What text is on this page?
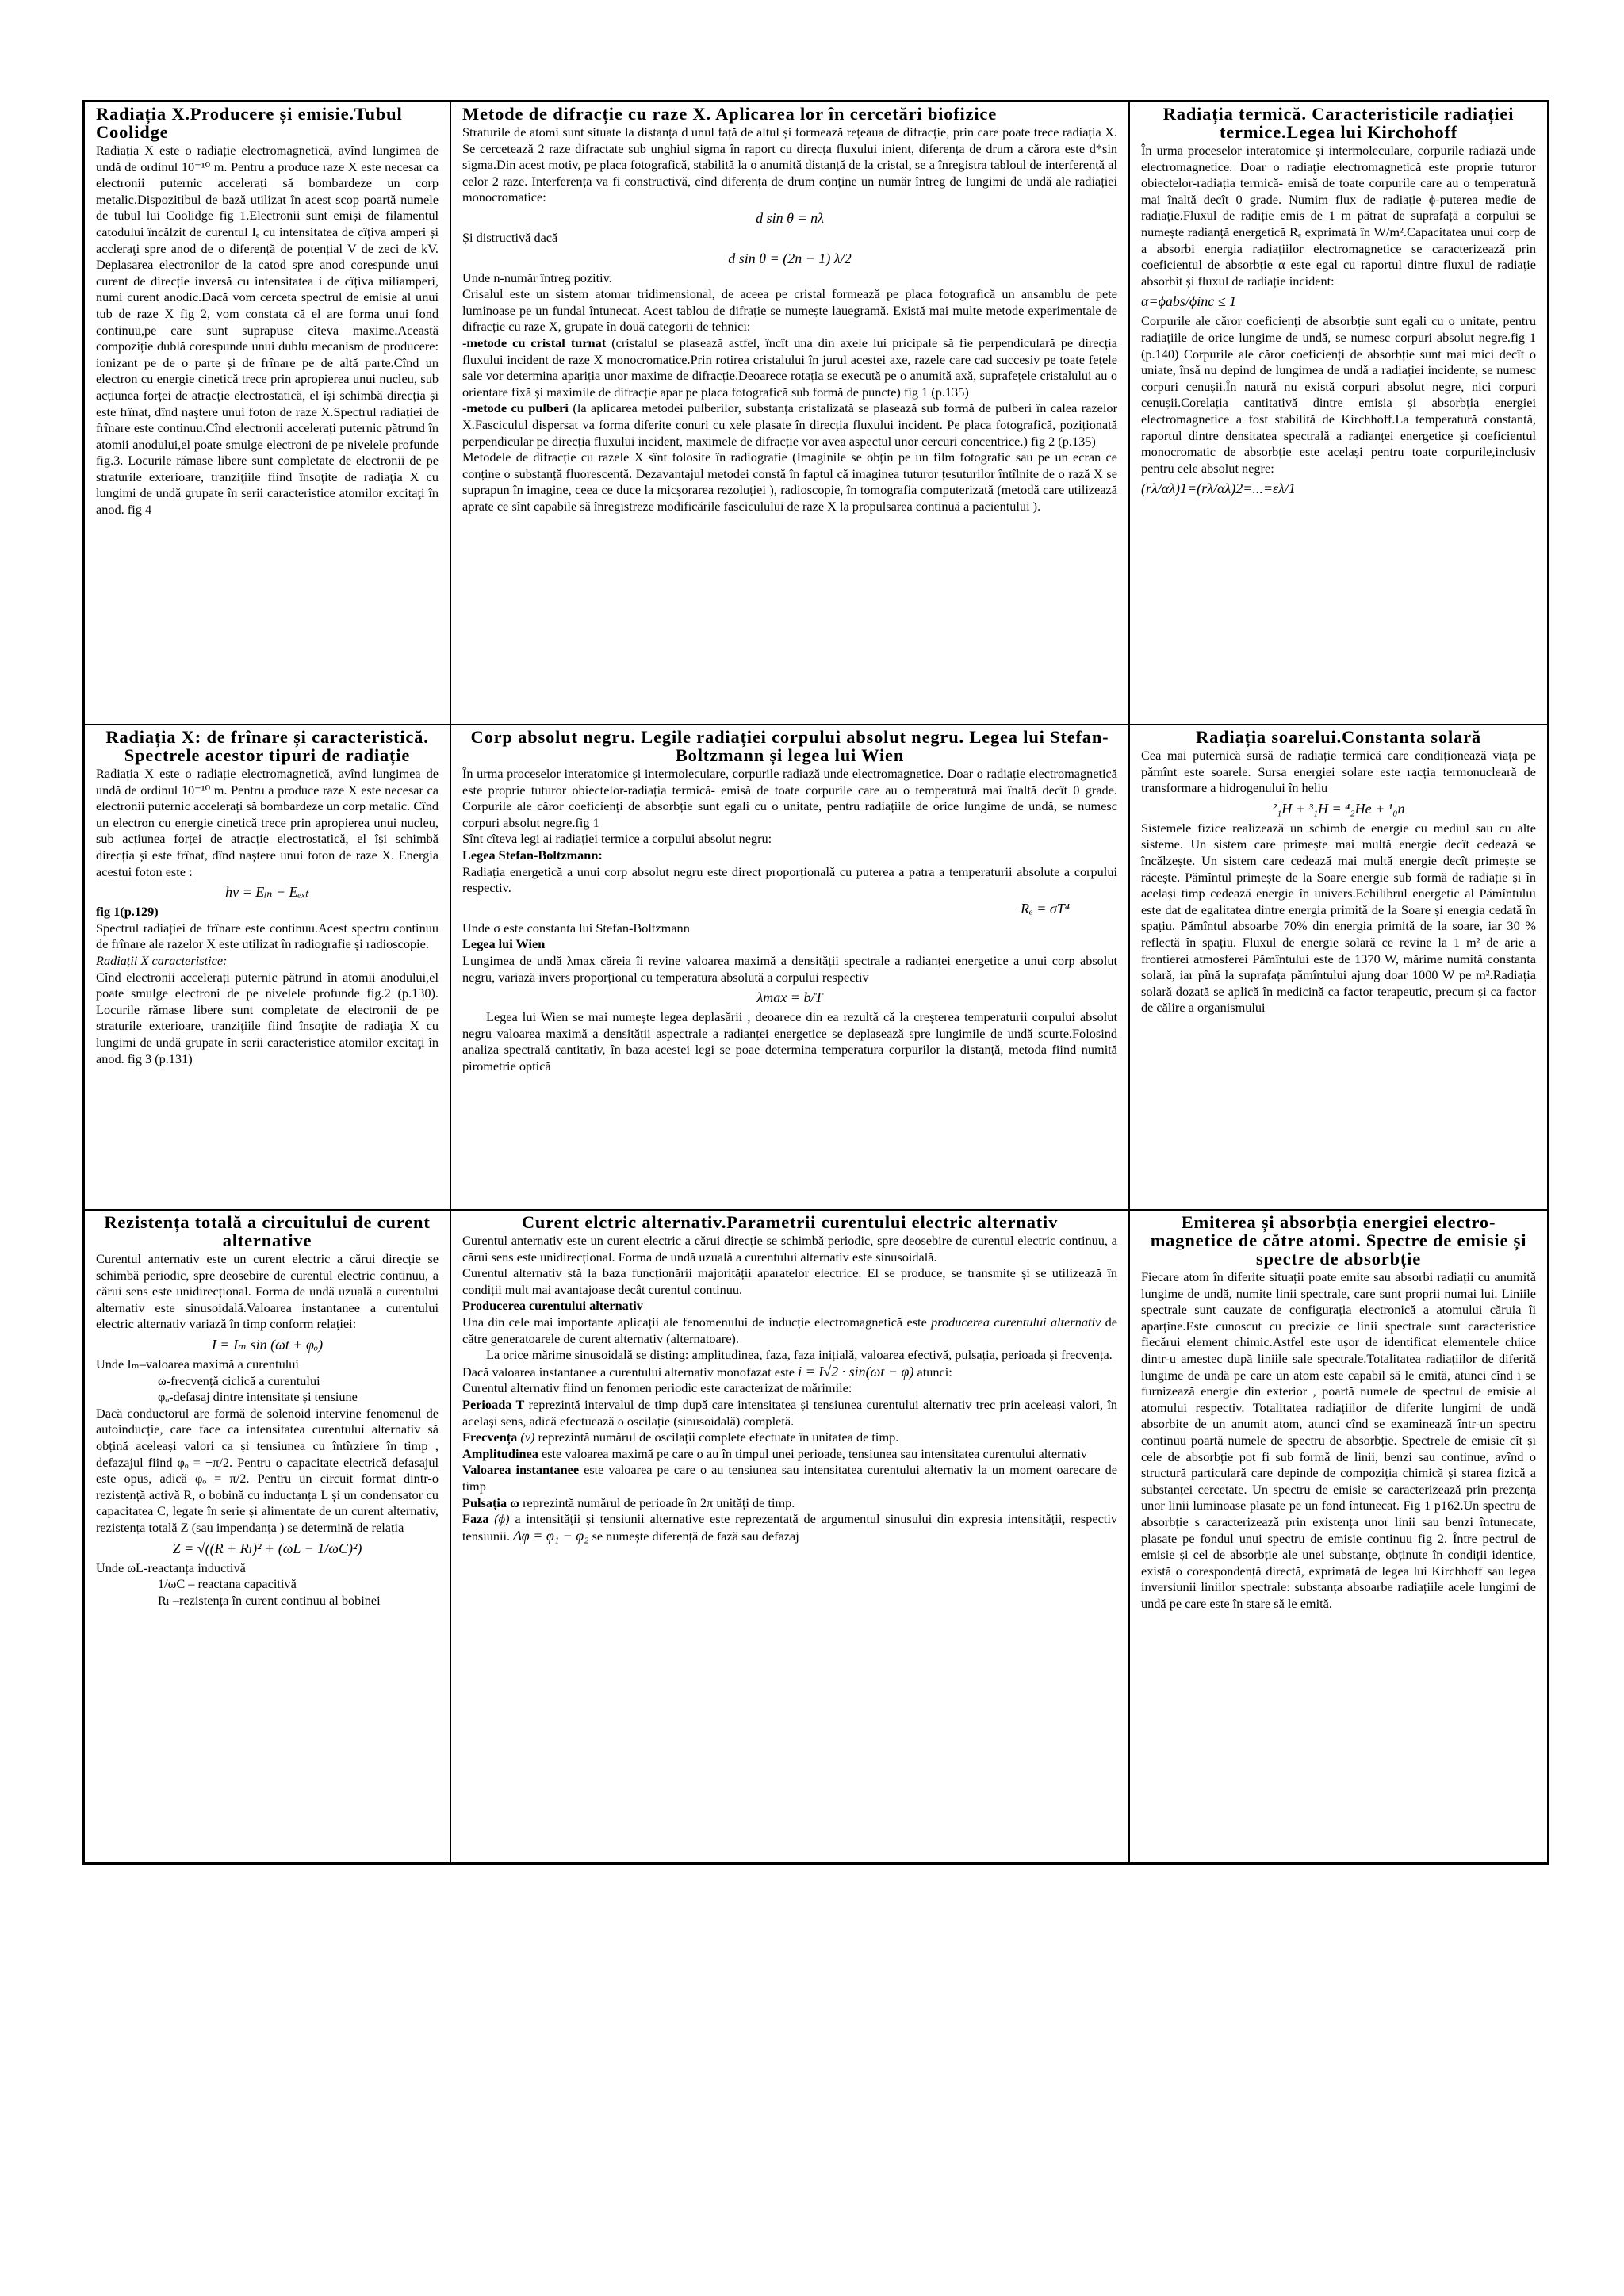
Radiația X.Producere și emisie.Tubul Coolidge

Radiația X este o radiație electromagnetică, avînd lungimea de undă de ordinul 10⁻¹⁰ m. Pentru a produce raze X este necesar ca electronii puternic accelerați să bombardeze un corp metalic.Dispozitibul de bază utilizat în acest scop poartă numele de tubul lui Coolidge fig 1.Electronii sunt emiși de filamentul catodului încălzit de curentul Iₑ cu intensitatea de cîțiva amperi și accleraţi spre anod de o diferență de potențial V de zeci de kV. Deplasarea electronilor de la catod spre anod corespunde unui curent de direcție inversă cu intensitatea i de cîțiva miliamperi, numi curent anodic.Dacă vom cerceta spectrul de emisie al unui tub de raze X fig 2, vom constata că el are forma unui fond continuu,pe care sunt suprapuse cîteva maxime.Această compoziție dublă corespunde unui dublu mecanism de producere: ionizant pe de o parte și de frînare pe de altă parte.Cînd un electron cu energie cinetică trece prin apropierea unui nucleu, sub acțiunea forței de atracție electrostatică, el își schimbă direcția și este frînat, dînd naștere unui foton de raze X.Spectrul radiației de frînare este continuu.Cînd electronii accelerați puternic pătrund în atomii anodului,el poate smulge electroni de pe nivelele profunde fig.3. Locurile rămase libere sunt completate de electronii de pe straturile exterioare, tranziţiile fiind însoţite de radiaţia X cu lungimi de undă grupate în serii caracteristice atomilor excitaţi în anod. fig 4

Metode de difracție cu raze X. Aplicarea lor în cercetări biofizice

Straturile de atomi sunt situate la distanța d unul față de altul și formează rețeaua de difracție, prin care poate trece radiația X. Se cercetează 2 raze difractate sub unghiul sigma în raport cu direcța fluxului inient, diferența de drum a cărora este d*sin sigma.Din acest motiv, pe placa fotografică, stabilită la o anumită distanță de la cristal, se a înregistra tabloul de interferență al celor 2 raze. Interferența va fi constructivă, cînd diferența de drum conține un număr întreg de lungimi de undă ale radiației monocromatice:

d sin θ = nλ

Și distructivă dacă

d sin θ = (2n − 1) λ/2

Unde n-număr întreg pozitiv.

Crisalul este un sistem atomar tridimensional, de aceea pe cristal formează pe placa fotografică un ansamblu de pete luminoase pe un fundal întunecat. Acest tablou de difrație se numește lauegramă. Există mai multe metode experimentale de difracție cu raze X, grupate în două categorii de tehnici:

-metode cu cristal turnat (cristalul se plasează astfel, încît una din axele lui pricipale să fie perpendiculară pe direcția fluxului incident de raze X monocromatice.Prin rotirea cristalului în jurul acestei axe, razele care cad succesiv pe toate fețele sale vor determina apariția unor maxime de difracție.Deoarece rotația se execută pe o anumită axă, suprafețele cristalului au o orientare fixă și maximile de difracție apar pe placa fotografică sub formă de puncte) fig 1 (p.135)

-metode cu pulberi (la aplicarea metodei pulberilor, substanța cristalizată se plasează sub formă de pulberi în calea razelor X.Fasciculul dispersat va forma diferite conuri cu xele plasate în direcția fluxului incident. Pe placa fotografică, poziționată perpendicular pe direcția fluxului incident, maximele de difracție vor avea aspectul unor cercuri concentrice.) fig 2 (p.135)

Metodele de difracție cu razele X sînt folosite în radiografie (Imaginile se obțin pe un film fotografic sau pe un ecran ce conține o substanță fluorescentă. Dezavantajul metodei constă în faptul că imaginea tuturor țesuturilor întîlnite de o rază X se suprapun în imagine, ceea ce duce la micșorarea rezoluției ), radioscopie, în tomografia computerizată (metodă care utilizează aprate ce sînt capabile să înregistreze modificările fasciculului de raze X la propulsarea continuă a pacientului ).

Radiația termică. Caracteristicile radiației termice.Legea lui Kirchohoff

În urma proceselor interatomice și intermoleculare, corpurile radiază unde electromagnetice. Doar o radiație electromagnetică este proprie tuturor obiectelor-radiația termică- emisă de toate corpurile care au o temperatură mai înaltă decît 0 grade. Numim flux de radiație ϕ-puterea medie de radiație.Fluxul de radiție emis de 1 m pătrat de suprafață a corpului se numește radianță energetică Rₑ exprimată în W/m².Capacitatea unui corp de a absorbi energia radiațiilor electromagnetice se caracterizează prin coeficientul de absorbție α este egal cu raportul dintre fluxul de radiație absorbit și fluxul de radiație incident:

α=ϕabs/ϕinc ≤ 1

Corpurile ale căror coeficienți de absorbție sunt egali cu o unitate, pentru radiațiile de orice lungime de undă, se numesc corpuri absolut negre.fig 1 (p.140) Corpurile ale căror coeficienți de absorbție sunt mai mici decît o uniate, însă nu depind de lungimea de undă a radiației incidente, se numesc corpuri cenușii.În natură nu există corpuri absolut negre, nici corpuri cenușii.Corelația cantitativă dintre emisia și absorbția energiei electromagnetice a fost stabilită de Kirchhoff.La temperatură constantă, raportul dintre densitatea spectrală a radianței energetice și coeficientul monocromatic de absorbție este același pentru toate corpurile,inclusiv pentru cele absolut negre:

(rλ/αλ)1=(rλ/αλ)2=...=ελ/1
Radiația X: de frînare și caracteristică. Spectrele acestor tipuri de radiație

Radiația X este o radiație electromagnetică, avînd lungimea de undă de ordinul 10⁻¹⁰ m. Pentru a produce raze X este necesar ca electronii puternic accelerați să bombardeze un corp metalic. Cînd un electron cu energie cinetică trece prin apropierea unui nucleu, sub acțiunea forței de atracție electrostatică, el își schimbă direcția și este frînat, dînd naștere unui foton de raze X. Energia acestui foton este :

hν = Eᵢₙ − Eₑₓₜ

fig 1(p.129)

Spectrul radiației de frînare este continuu.Acest spectru continuu de frînare ale razelor X este utilizat în radiografie și radioscopie.

Radiații X caracteristice:

Cînd electronii accelerați puternic pătrund în atomii anodului,el poate smulge electroni de pe nivelele profunde fig.2 (p.130). Locurile rămase libere sunt completate de electronii de pe straturile exterioare, tranziţiile fiind însoţite de radiaţia X cu lungimi de undă grupate în serii caracteristice atomilor excitaţi în anod. fig 3 (p.131)

Corp absolut negru. Legile radiației corpului absolut negru. Legea lui Stefan- Boltzmann și legea lui Wien

În urma proceselor interatomice și intermoleculare, corpurile radiază unde electromagnetice. Doar o radiație electromagnetică este proprie tuturor obiectelor-radiația termică- emisă de toate corpurile care au o temperatură mai înaltă decît 0 grade. Corpurile ale căror coeficienți de absorbție sunt egali cu o unitate, pentru radiațiile de orice lungime de undă, se numesc corpuri absolut negre.fig 1

Sînt cîteva legi ai radiației termice a corpului absolut negru:

Legea Stefan-Boltzmann:

Radiația energetică a unui corp absolut negru este direct proporțională cu puterea a patra a temperaturii absolute a corpului respectiv.

Rₑ = σT⁴

Unde σ este constanta lui Stefan-Boltzmann

Legea lui Wien

Lungimea de undă λmax căreia îi revine valoarea maximă a densității spectrale a radianței energetice a unui corp absolut negru, variază invers proporțional cu temperatura absolută a corpului respectiv

λmax = b/T

Legea lui Wien se mai numește legea deplasării , deoarece din ea rezultă că la creșterea temperaturii corpului absolut negru valoarea maximă a densității aspectrale a radianței energetice se deplasează spre lungimile de undă scurte.Folosind analiza spectrală cantitativ, în baza acestei legi se poae determina temperatura corpurilor la distanță, metoda fiind numită pirometrie optică

Radiația soarelui.Constanta solară

Cea mai puternică sursă de radiație termică care condiționează viața pe pămînt este soarele. Sursa energiei solare este racția termonucleară de transformare a hidrogenului în heliu

²₁H + ³₁H = ⁴₂He + ¹₀n

Sistemele fizice realizează un schimb de energie cu mediul sau cu alte sisteme. Un sistem care primește mai multă energie decît cedează se încălzește. Un sistem care cedează mai multă energie decît primește se răcește. Pămîntul primește de la Soare energie sub formă de radiație și în același timp cedează energie în univers.Echilibrul energetic al Pămîntului este dat de egalitatea dintre energia primită de la Soare și energia cedată în spațiu. Pămîntul absoarbe 70% din energia primită de la soare, iar 30 % reflectă în spațiu. Fluxul de energie solară ce revine la 1 m² de arie a frontierei atmosferei Pămîntului este de 1370 W, mărime numită constanta solară, iar pînă la suprafața pămîntului ajung doar 1000 W pe m².Radiația solară dozată se aplică în medicină ca factor terapeutic, precum și ca factor de călire a organismului

Rezistența totală a circuitului de curent alternative

Curentul anternativ este un curent electric a cărui direcție se schimbă periodic, spre deosebire de curentul electric continuu, a cărui sens este unidirecțional. Forma de undă uzuală a curentului alternativ este sinusoidală.Valoarea instantanee a curentului electric alternativ variază în timp conform relației:

I = Iₘ sin (ωt + φₒ)

Unde Iₘ–valoarea maximă a curentului

ω-frecvență ciclică a curentului

φₒ-defasaj dintre intensitate și tensiune

Dacă conductorul are formă de solenoid intervine fenomenul de autoinducție, care face ca intensitatea curentului alternativ să obțină aceleași valori ca și tensiunea cu întîrziere în timp , defazajul fiind φₒ = −π/2. Pentru o capacitate electrică defasajul este opus, adică φₒ = π/2. Pentru un circuit format dintr-o rezistență activă R, o bobină cu inductanța L și un condensator cu capacitatea C, legate în serie și alimentate de un curent alternativ, rezistența totală Z (sau impendanța ) se determină de relația

Z = √((R + Rₗ)² + (ωL − 1/ωC)²)

Unde ωL-reactanța inductivă

1/ωC – reactana capacitivă

Rₗ –rezistența în curent continuu al bobinei

Curent elctric alternativ.Parametrii curentului electric alternativ

Curentul anternativ este un curent electric a cărui direcție se schimbă periodic, spre deosebire de curentul electric continuu, a cărui sens este unidirecțional. Forma de undă uzuală a curentului alternativ este sinusoidală.

Curentul alternativ stă la baza funcționării majorității aparatelor electrice. El se produce, se transmite și se utilizează în condiții mult mai avantajoase decât curentul continuu.

Producerea curentului alternativ

Una din cele mai importante aplicații ale fenomenului de inducție electromagnetică este producerea curentului alternativ de către generatoarele de curent alternativ (alternatoare).

La orice mărime sinusoidală se disting: amplitudinea, faza, faza inițială, valoarea efectivă, pulsația, perioada și frecvența.

Dacă valoarea instantanee a curentului alternativ monofazat este i = I√2 · sin(ωt − φ) atunci:

Curentul alternativ fiind un fenomen periodic este caracterizat de mărimile:

Perioada T reprezintă intervalul de timp după care intensitatea și tensiunea curentului alternativ trec prin aceleași valori, în același sens, adică efectuează o oscilație (sinusoidală) completă.

Frecvența (ν) reprezintă numărul de oscilații complete efectuate în unitatea de timp.

Amplitudinea este valoarea maximă pe care o au în timpul unei perioade, tensiunea sau intensitatea curentului alternativ

Valoarea instantanee este valoarea pe care o au tensiunea sau intensitatea curentului alternativ la un moment oarecare de timp

Pulsația ω reprezintă numărul de perioade în 2π unități de timp.

Faza (ϕ) a intensității și tensiunii alternative este reprezentată de argumentul sinusului din expresia intensității, respectiv tensiunii. Δφ = φ₁ − φ₂ se numește diferență de fază sau defazaj

Emiterea și absorbția energiei electro-magnetice de către atomi. Spectre de emisie și spectre de absorbție

Fiecare atom în diferite situații poate emite sau absorbi radiații cu anumită lungime de undă, numite linii spectrale, care sunt proprii numai lui. Liniile spectrale sunt cauzate de configurația electronică a atomului căruia îi aparține.Este cunoscut cu precizie ce linii spectrale sunt caracteristice fiecărui element chimic.Astfel este ușor de identificat elementele chiice dintr-u amestec după liniile sale spectrale.Totalitatea radiațiilor de diferită lungime de undă pe care un atom este capabil să le emită, atunci cînd i se furnizează energie din exterior , poartă numele de spectrul de emisie al atomului respectiv. Totalitatea radiațiilor de diferite lungimi de undă absorbite de un anumit atom, atunci cînd se examinează într-un spectru continuu poartă numele de spectru de absorbție. Spectrele de emisie cît și cele de absorbție pot fi sub formă de linii, benzi sau continue, avînd o structură particulară care depinde de compoziția chimică și starea fizică a substanței cercetate. Un spectru de emisie se caracterizează prin prezența unor linii luminoase plasate pe un fond întunecat. Fig 1 p162.Un spectru de absorbție s caracterizează prin existența unor linii sau benzi întunecate, plasate pe fondul unui spectru de emisie continuu fig 2. Între pectrul de emisie și cel de absorbție ale unei substanțe, obținute în condiții identice, există o corespondență directă, exprimată de legea lui Kirchhoff sau legea inversiunii liniilor spectrale: substanța absoarbe radiațiile acele lungimi de undă pe care este în stare să le emită.
